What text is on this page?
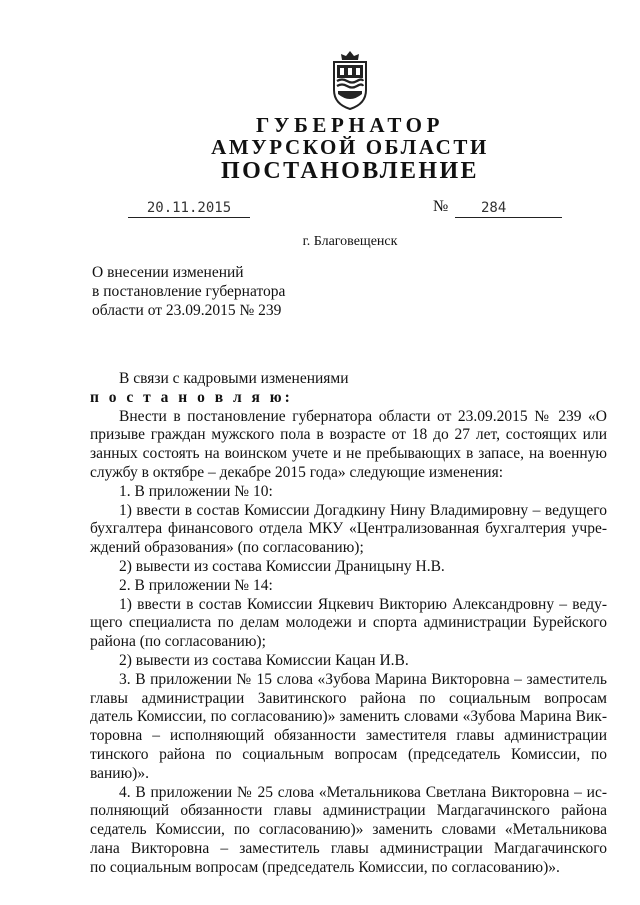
ГУБЕРНАТОР
АМУРСКОЙ ОБЛАСТИ
ПОСТАНОВЛЕНИЕ
20.11.2015	№	284
г. Благовещенск
О внесении изменений
в постановление губернатора
области от 23.09.2015 № 239
В связи с кадровыми изменениями
п о с т а н о в л я ю:
Внести в постановление губернатора области от 23.09.2015 № 239 «О
призыве граждан мужского пола в возрасте от 18 до 27 лет, состоящих или
занных состоять на воинском учете и не пребывающих в запасе, на военную
службу в октябре – декабре 2015 года» следующие изменения:
1. В приложении № 10:
1) ввести в состав Комиссии Догадкину Нину Владимировну – ведущего
бухгалтера финансового отдела МКУ «Централизованная бухгалтерия учре-
ждений образования» (по согласованию);
2) вывести из состава Комиссии Драницыну Н.В.
2. В приложении № 14:
1) ввести в состав Комиссии Яцкевич Викторию Александровну – веду-
щего специалиста по делам молодежи и спорта администрации Бурейского
района (по согласованию);
2) вывести из состава Комиссии Кацан И.В.
3. В приложении № 15 слова «Зубова Марина Викторовна – заместитель
главы администрации Завитинского района по социальным вопросам
датель Комиссии, по согласованию)» заменить словами «Зубова Марина Вик-
торовна – исполняющий обязанности заместителя главы администрации
тинского района по социальным вопросам (председатель Комиссии, по
ванию)».
4. В приложении № 25 слова «Метальникова Светлана Викторовна – ис-
полняющий обязанности главы администрации Магдагачинского района
седатель Комиссии, по согласованию)» заменить словами «Метальникова
лана Викторовна – заместитель главы администрации Магдагачинского
по социальным вопросам (председатель Комиссии, по согласованию)».
